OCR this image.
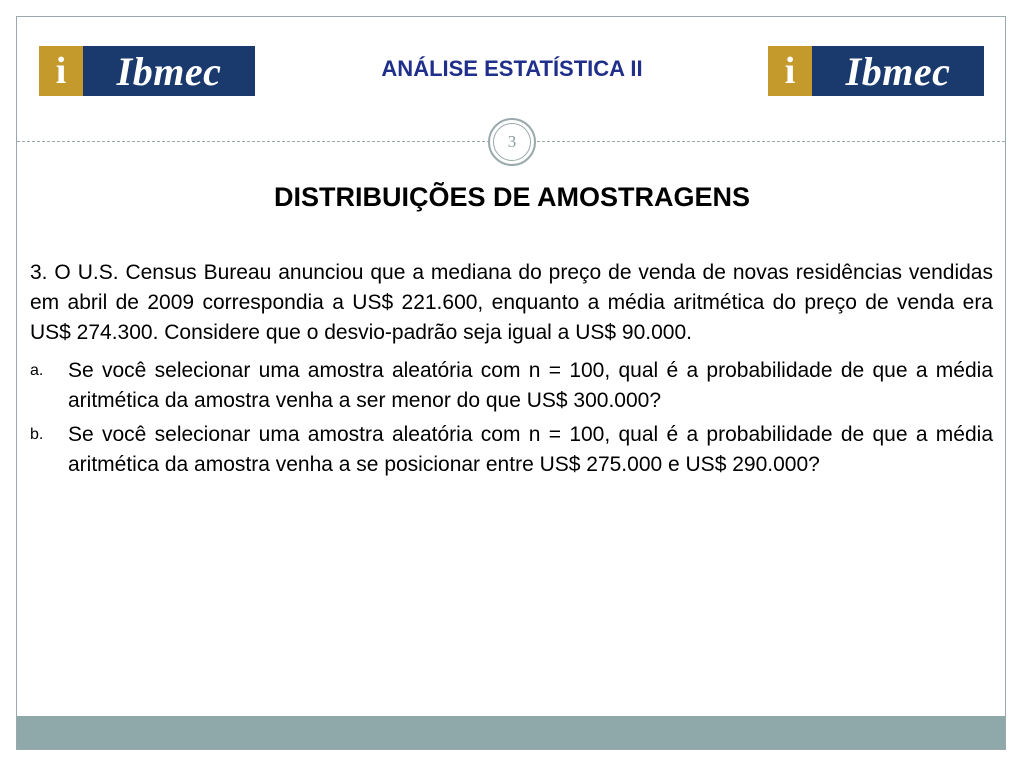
i	Ibmec	ANÁLISE ESTATÍSTICA II	i	Ibmec
3
DISTRIBUIÇÕES DE AMOSTRAGENS

3. O U.S. Census Bureau anunciou que a mediana do preço de venda de novas residências vendidas em abril de 2009 correspondia a US$ 221.600, enquanto a média aritmética do preço de venda era US$ 274.300. Considere que o desvio-padrão seja igual a US$ 90.000.

a.	Se você selecionar uma amostra aleatória com n = 100, qual é a probabilidade de que a média aritmética da amostra venha a ser menor do que US$ 300.000?
b.	Se você selecionar uma amostra aleatória com n = 100, qual é a probabilidade de que a média aritmética da amostra venha a se posicionar entre US$ 275.000 e US$ 290.000?
